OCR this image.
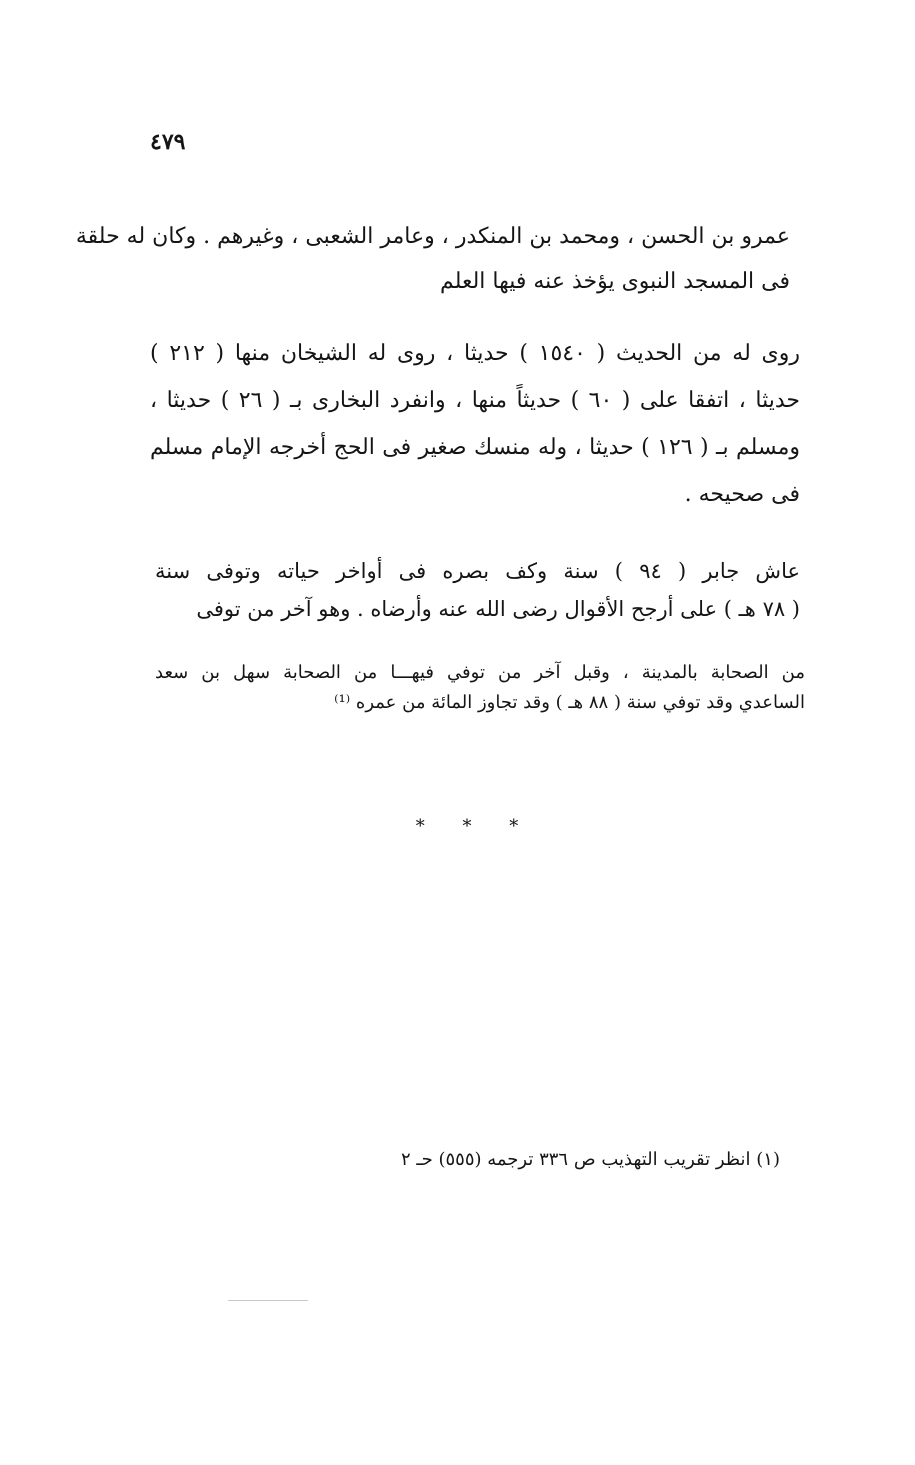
٤٧٩
عمرو بن الحسن ، ومحمد بن المنكدر ، وعامر الشعبى ، وغيرهم . وكان له حلقة
فى المسجد النبوى يؤخذ عنه فيها العلم
روى له من الحديث ( ١٥٤٠ ) حديثا ، روى له الشيخان منها ( ٢١٢ )
حديثا ، اتفقا على ( ٦٠ ) حديثاً منها ، وانفرد البخارى بـ ( ٢٦ ) حديثا ،
ومسلم بـ ( ١٢٦ ) حديثا ، وله منسك صغير فى الحج أخرجه الإمام مسلم
فى صحيحه .
عاش جابر ( ٩٤ ) سنة وكف بصره فى أواخر حياته وتوفى سنة
( ٧٨ هـ ) على أرجح الأقوال رضى الله عنه وأرضاه . وهو آخر من توفى
من الصحابة بالمدينة ، وقبل آخر من توفي فيهـــا من الصحابة سهل بن سعد
الساعدي وقد توفي سنة ( ٨٨ هـ ) وقد تجاوز المائة من عمره ⁽¹⁾
* * *
(١) انظر تقريب التهذيب ص ٣٣٦ ترجمه (٥٥٥) حـ ٢
